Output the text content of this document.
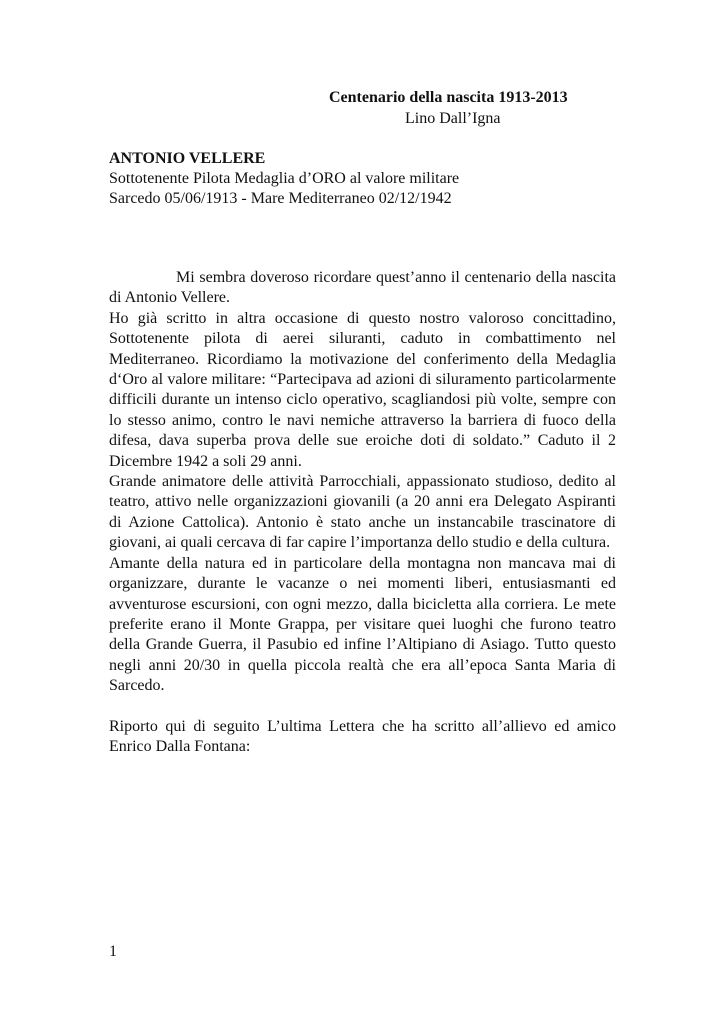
Centenario della nascita 1913-2013
Lino Dall’Igna
ANTONIO VELLERE
Sottotenente Pilota Medaglia d’ORO al valore militare
Sarcedo 05/06/1913 - Mare Mediterraneo 02/12/1942

Mi sembra doveroso ricordare quest’anno il centenario della nascita di Antonio Vellere.

Ho già scritto in altra occasione di questo nostro valoroso concittadino, Sottotenente pilota di aerei siluranti, caduto in combattimento nel Mediterraneo. Ricordiamo la motivazione del conferimento della Medaglia d‘Oro al valore militare: “Partecipava ad azioni di siluramento particolarmente difficili durante un intenso ciclo operativo, scagliandosi più volte, sempre con lo stesso animo, contro le navi nemiche attraverso la barriera di fuoco della difesa, dava superba prova delle sue eroiche doti di soldato.” Caduto il 2 Dicembre 1942 a soli 29 anni.

Grande animatore delle attività Parrocchiali, appassionato studioso, dedito al teatro, attivo nelle organizzazioni giovanili (a 20 anni era Delegato Aspiranti di Azione Cattolica). Antonio è stato anche un instancabile trascinatore di giovani, ai quali cercava di far capire l’importanza dello studio e della cultura.

Amante della natura ed in particolare della montagna non mancava mai di organizzare, durante le vacanze o nei momenti liberi, entusiasmanti ed avventurose escursioni, con ogni mezzo, dalla bicicletta alla corriera. Le mete preferite erano il Monte Grappa, per visitare quei luoghi che furono teatro della Grande Guerra, il Pasubio ed infine l’Altipiano di Asiago. Tutto questo negli anni 20/30 in quella piccola realtà che era all’epoca Santa Maria di Sarcedo.

Riporto qui di seguito L’ultima Lettera che ha scritto all’allievo ed amico Enrico Dalla Fontana:

1
